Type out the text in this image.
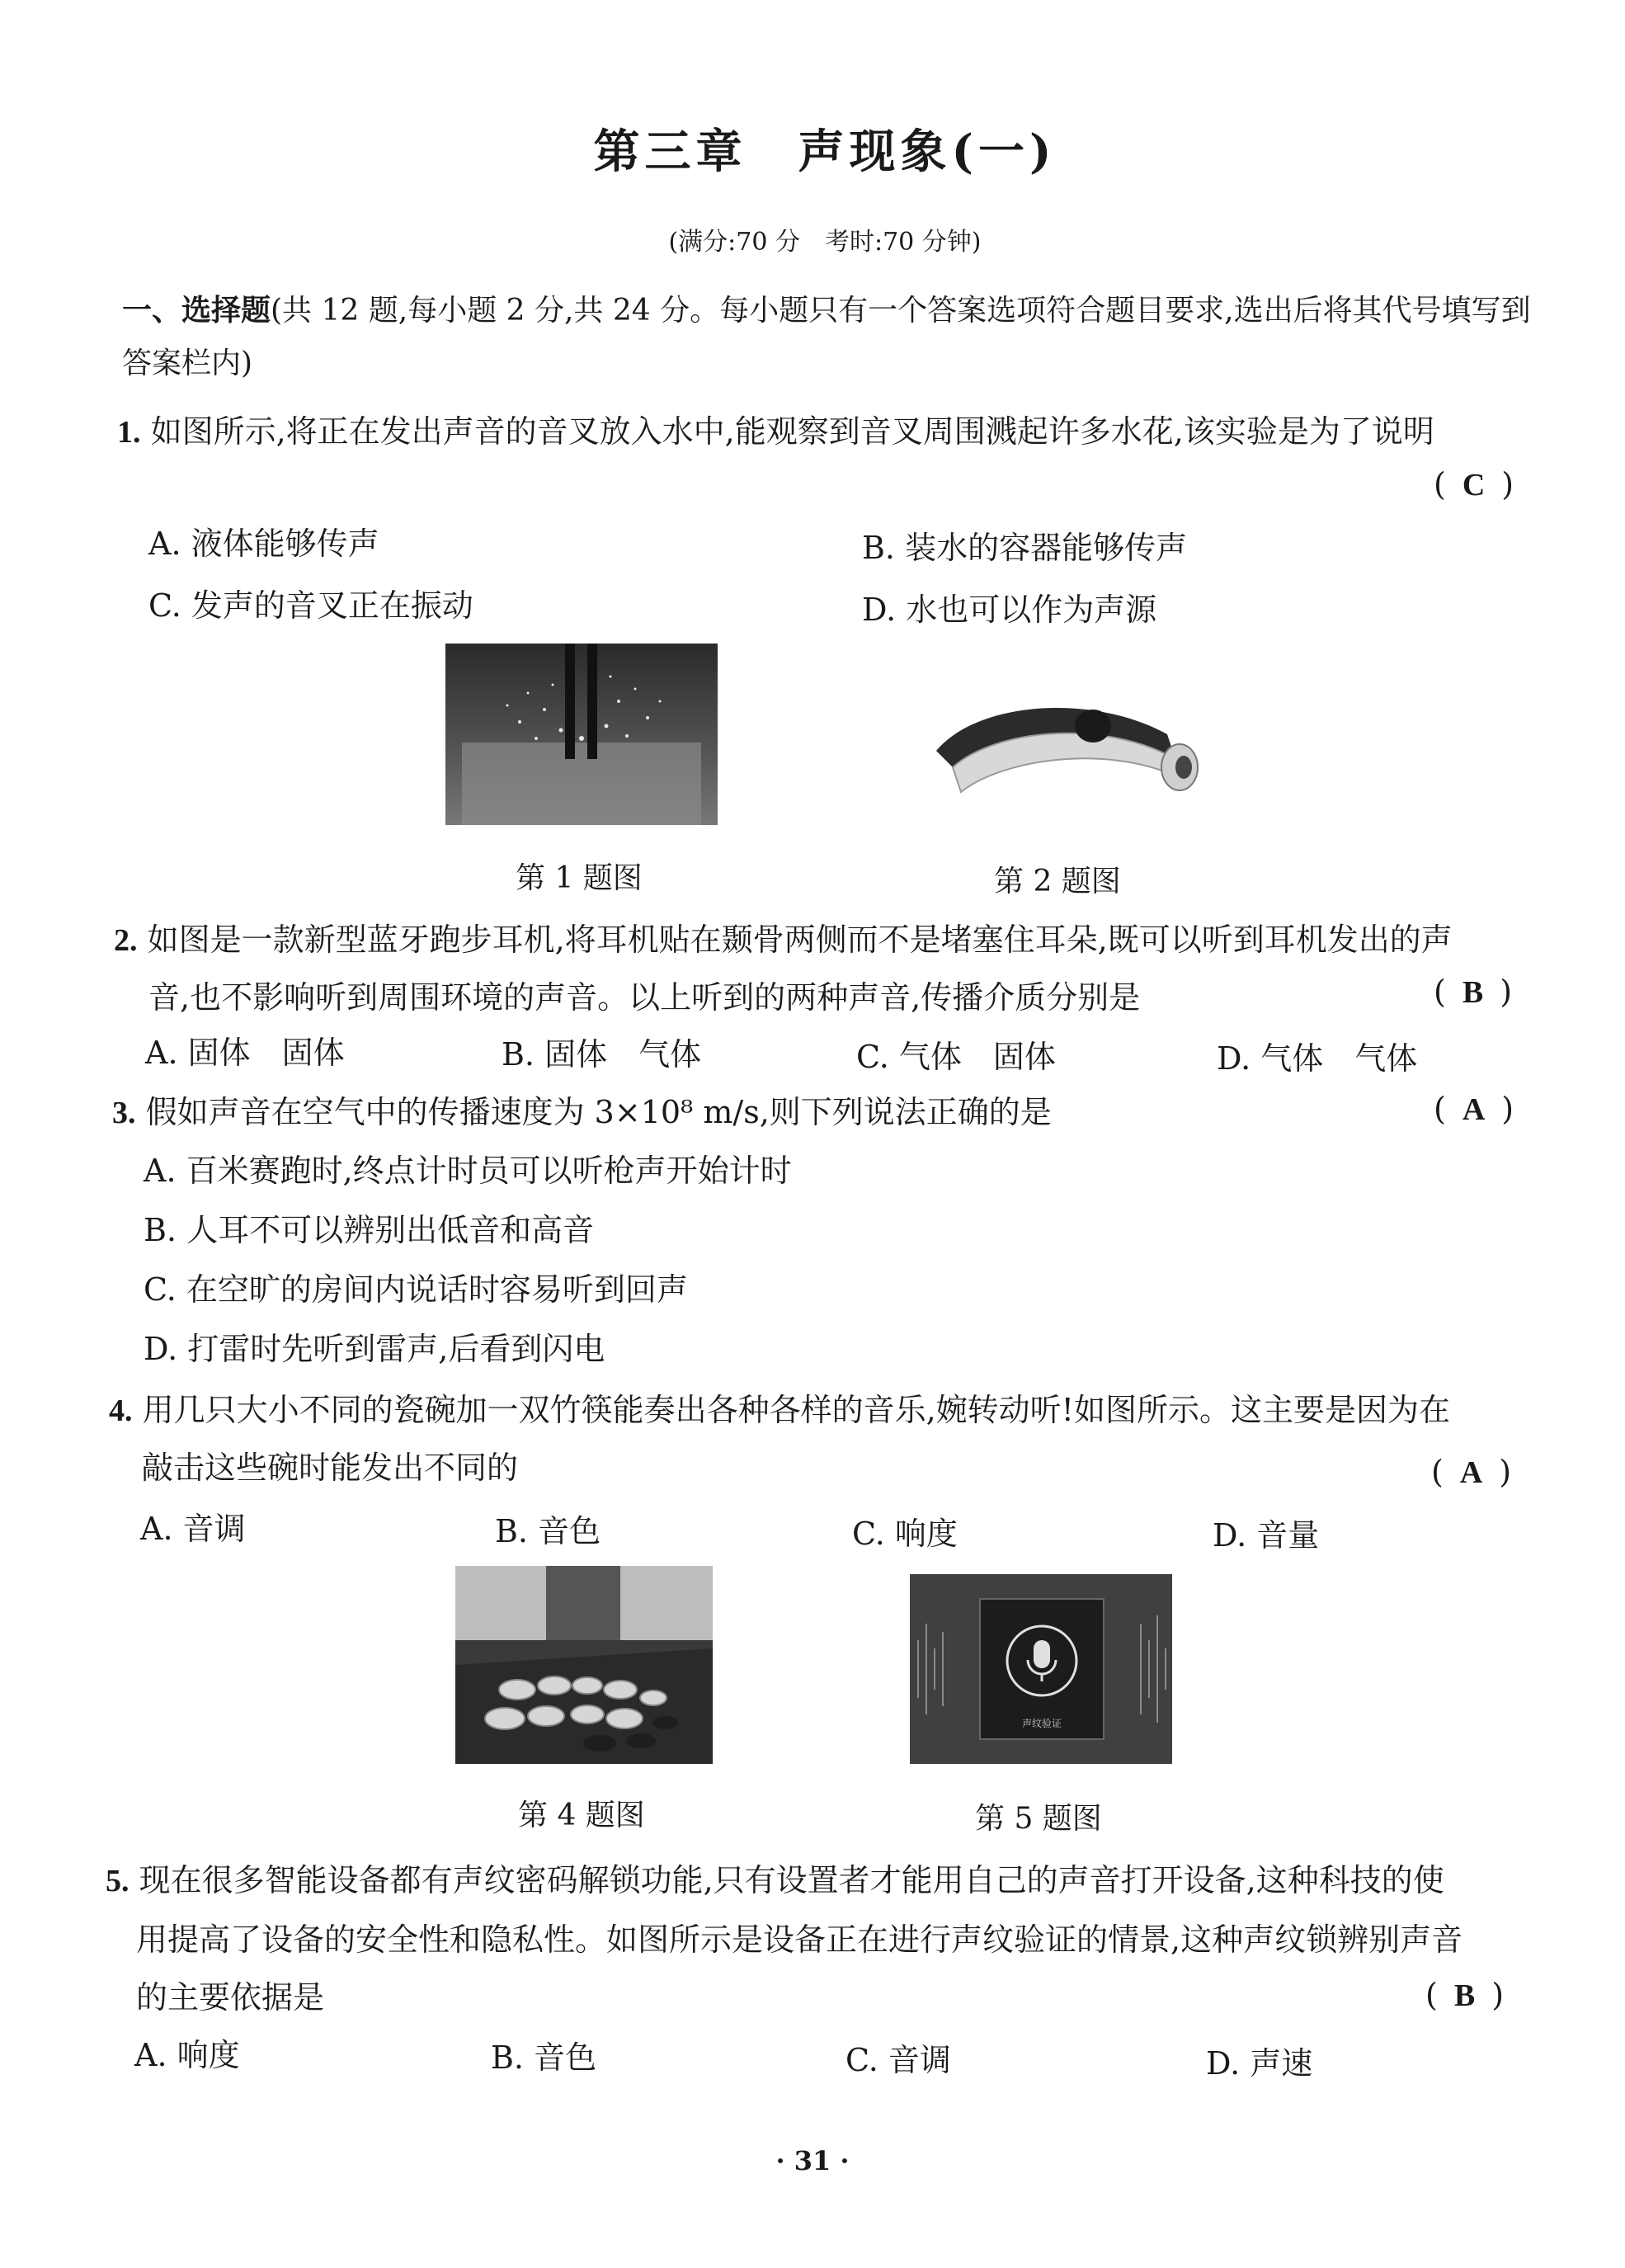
第三章　声现象(一)
(满分:70 分　考时:70 分钟)
一、选择题(共 12 题,每小题 2 分,共 24 分。每小题只有一个答案选项符合题目要求,选出后将其代号填写到答案栏内)
1. 如图所示,将正在发出声音的音叉放入水中,能观察到音叉周围溅起许多水花,该实验是为了说明
( C )
A. 液体能够传声	B. 装水的容器能够传声
C. 发声的音叉正在振动	D. 水也可以作为声源
第 1 题图	第 2 题图
2. 如图是一款新型蓝牙跑步耳机,将耳机贴在颞骨两侧而不是堵塞住耳朵,既可以听到耳机发出的声
音,也不影响听到周围环境的声音。以上听到的两种声音,传播介质分别是	( B )
A. 固体　固体	B. 固体　气体	C. 气体　固体	D. 气体　气体
3. 假如声音在空气中的传播速度为 3×10⁸ m/s,则下列说法正确的是	( A )
A. 百米赛跑时,终点计时员可以听枪声开始计时
B. 人耳不可以辨别出低音和高音
C. 在空旷的房间内说话时容易听到回声
D. 打雷时先听到雷声,后看到闪电
4. 用几只大小不同的瓷碗加一双竹筷能奏出各种各样的音乐,婉转动听!如图所示。这主要是因为在
敲击这些碗时能发出不同的	( A )
A. 音调	B. 音色	C. 响度	D. 音量
第 4 题图
声纹验证
第 5 题图
5. 现在很多智能设备都有声纹密码解锁功能,只有设置者才能用自己的声音打开设备,这种科技的使
用提高了设备的安全性和隐私性。如图所示是设备正在进行声纹验证的情景,这种声纹锁辨别声音
的主要依据是	( B )
A. 响度	B. 音色	C. 音调	D. 声速
· 31 ·
